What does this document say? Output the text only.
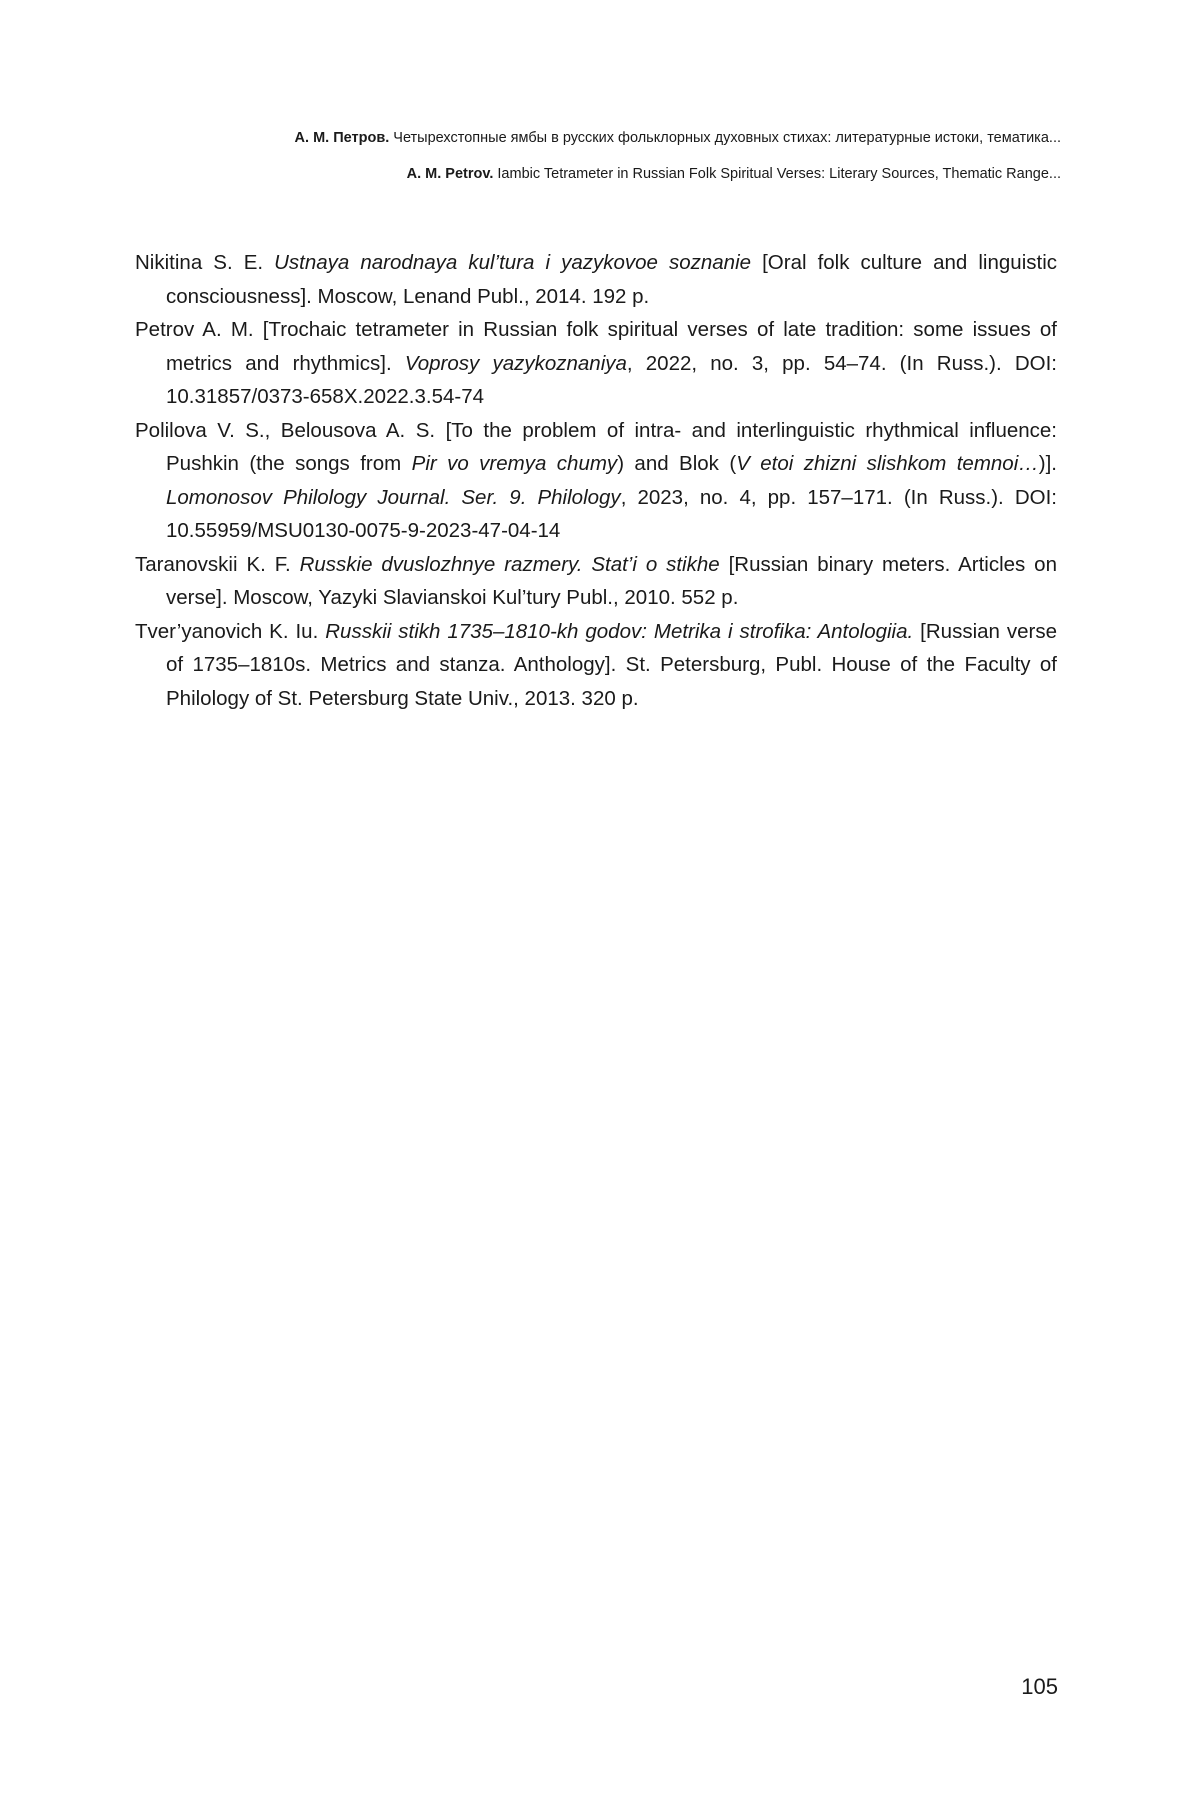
А. М. Петров. Четырехстопные ямбы в русских фольклорных духовных стихах: литературные истоки, тематика...
A. M. Petrov. Iambic Tetrameter in Russian Folk Spiritual Verses: Literary Sources, Thematic Range...
Nikitina S. E. Ustnaya narodnaya kul’tura i yazykovoe soznanie [Oral folk culture and linguistic consciousness]. Moscow, Lenand Publ., 2014. 192 p.
Petrov A. M. [Trochaic tetrameter in Russian folk spiritual verses of late tradition: some issues of metrics and rhythmics]. Voprosy yazykoznaniya, 2022, no. 3, pp. 54–74. (In Russ.). DOI: 10.31857/0373-658X.2022.3.54-74
Polilova V. S., Belousova A. S. [To the problem of intra- and interlinguistic rhythmical influence: Pushkin (the songs from Pir vo vremya chumy) and Blok (V etoi zhizni slishkom temnoi…)]. Lomonosov Philology Journal. Ser. 9. Philology, 2023, no. 4, pp. 157–171. (In Russ.). DOI: 10.55959/MSU0130-0075-9-2023-47-04-14
Taranovskii K. F. Russkie dvuslozhnye razmery. Stat’i o stikhe [Russian binary meters. Articles on verse]. Moscow, Yazyki Slavianskoi Kul’tury Publ., 2010. 552 p.
Tver’yanovich K. Iu. Russkii stikh 1735–1810-kh godov: Metrika i strofika: Antologiia. [Russian verse of 1735–1810s. Metrics and stanza. Anthology]. St. Petersburg, Publ. House of the Faculty of Philology of St. Petersburg State Univ., 2013. 320 p.
105
